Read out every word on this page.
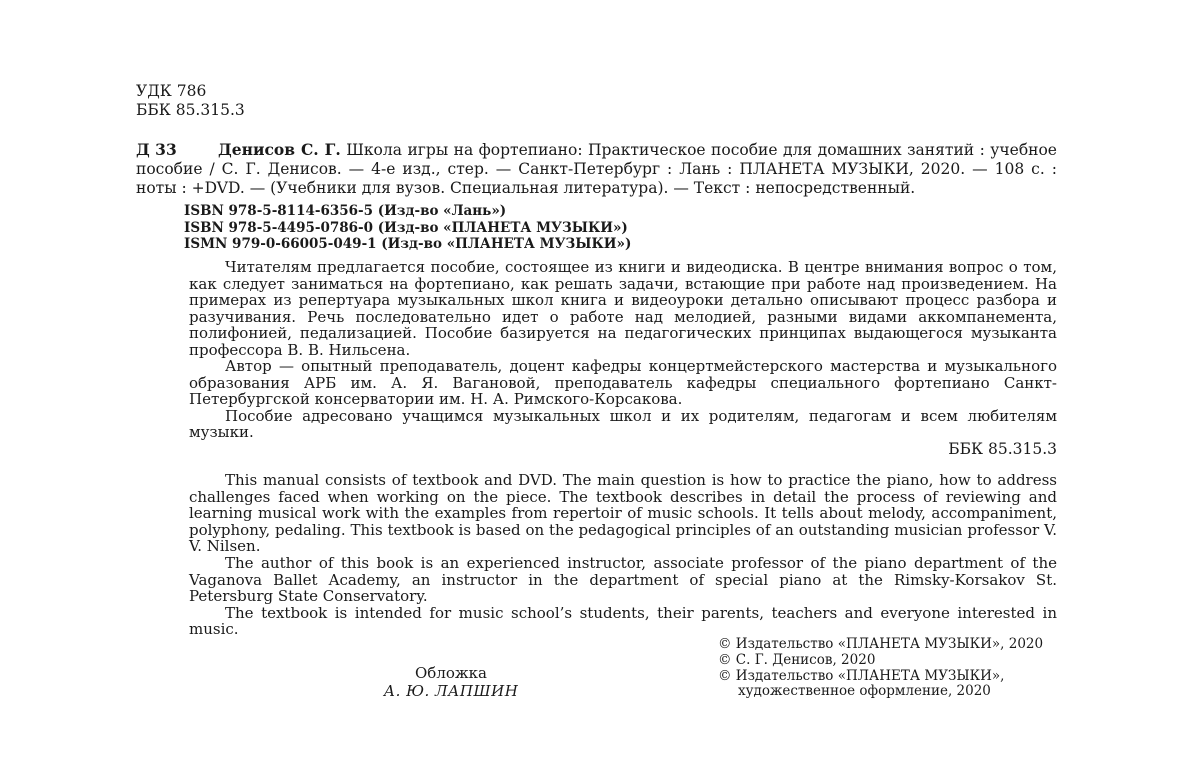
УДК 786
ББК 85.315.3
Д 33	Денисов С. Г. Школа игры на фортепиано: Практическое пособие для домашних занятий : учебное пособие / С. Г. Денисов. — 4-е изд., стер. — Санкт-Петербург : Лань : ПЛАНЕТА МУЗЫКИ, 2020. — 108 с. : ноты : +DVD. — (Учебники для вузов. Специальная литература). — Текст : непосредственный.
ISBN 978-5-8114-6356-5 (Изд-во «Лань»)
ISBN 978-5-4495-0786-0 (Изд-во «ПЛАНЕТА МУЗЫКИ»)
ISMN 979-0-66005-049-1 (Изд-во «ПЛАНЕТА МУЗЫКИ»)

Читателям предлагается пособие, состоящее из книги и видеодиска. В центре внимания вопрос о том, как следует заниматься на фортепиано, как решать задачи, встающие при работе над произведением. На примерах из репертуара музыкальных школ книга и видеоуроки детально описывают процесс разбора и разучивания. Речь последовательно идет о работе над мелодией, разными видами аккомпанемента, полифонией, педализацией. Пособие базируется на педагогических принципах выдающегося музыканта профессора В. В. Нильсена.

Автор — опытный преподаватель, доцент кафедры концертмейстерского мастерства и музыкального образования АРБ им. А. Я. Вагановой, преподаватель кафедры специального фортепиано Санкт-Петербургской консерватории им. Н. А. Римского-Корсакова.

Пособие адресовано учащимся музыкальных школ и их родителям, педагогам и всем любителям музыки.

ББК 85.315.3

This manual consists of textbook and DVD. The main question is how to practice the piano, how to address challenges faced when working on the piece. The textbook describes in detail the process of reviewing and learning musical work with the examples from repertoir of music schools. It tells about melody, accompaniment, polyphony, pedaling. This textbook is based on the pedagogical principles of an outstanding musician professor V. V. Nilsen.

The author of this book is an experienced instructor, associate professor of the piano department of the Vaganova Ballet Academy, an instructor in the department of special piano at the Rimsky-Korsakov St. Petersburg State Conservatory.

The textbook is intended for music school’s students, their parents, teachers and everyone interested in music.

© Издательство «ПЛАНЕТА МУЗЫКИ», 2020
© С. Г. Денисов, 2020
© Издательство «ПЛАНЕТА МУЗЫКИ»,
художественное оформление, 2020
Обложка
А. Ю. ЛАПШИН
